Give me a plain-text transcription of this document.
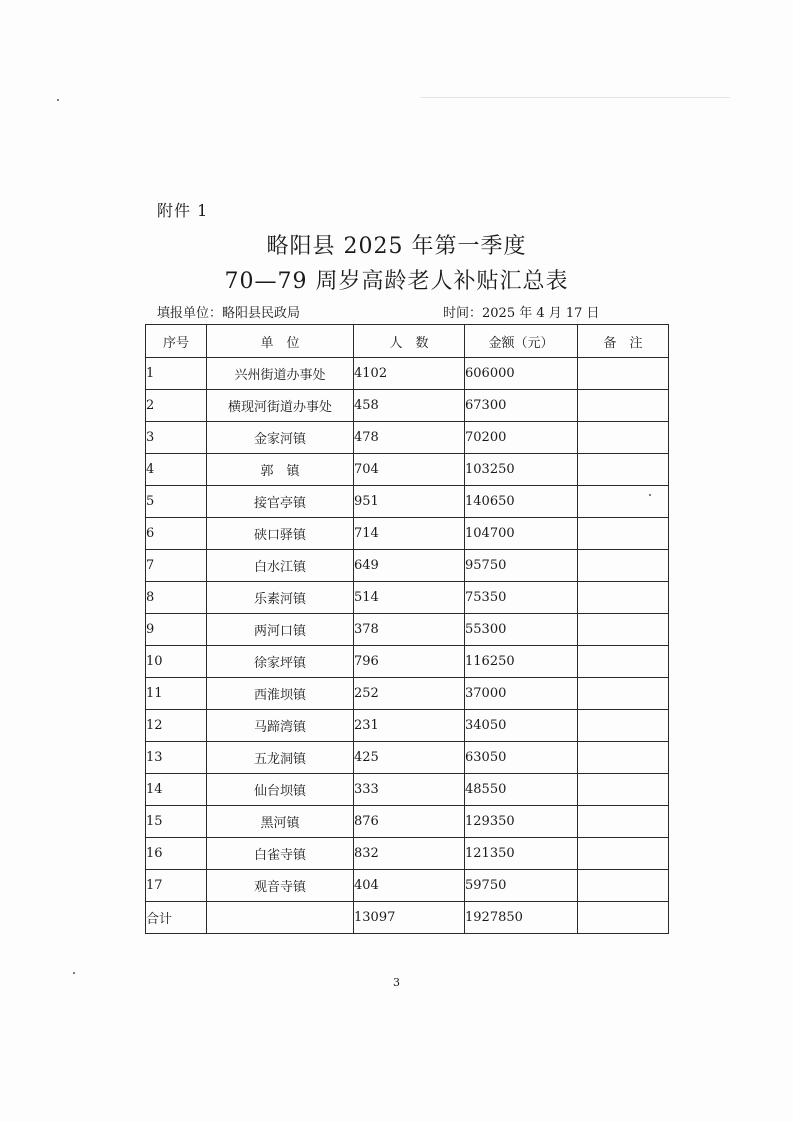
附件 1
略阳县 2025 年第一季度
70—79 周岁高龄老人补贴汇总表
填报单位：略阳县民政局	时间：2025 年 4 月 17 日
序号	单　位	人　数	金额（元）	备　注
1	兴州街道办事处	4102	606000	
2	横现河街道办事处	458	67300	
3	金家河镇	478	70200	
4	郭　镇	704	103250	
5	接官亭镇	951	140650	
6	硖口驿镇	714	104700	
7	白水江镇	649	95750	
8	乐素河镇	514	75350	
9	两河口镇	378	55300	
10	徐家坪镇	796	116250	
11	西淮坝镇	252	37000	
12	马蹄湾镇	231	34050	
13	五龙洞镇	425	63050	
14	仙台坝镇	333	48550	
15	黑河镇	876	129350	
16	白雀寺镇	832	121350	
17	观音寺镇	404	59750	
合计		13097	1927850	
3
